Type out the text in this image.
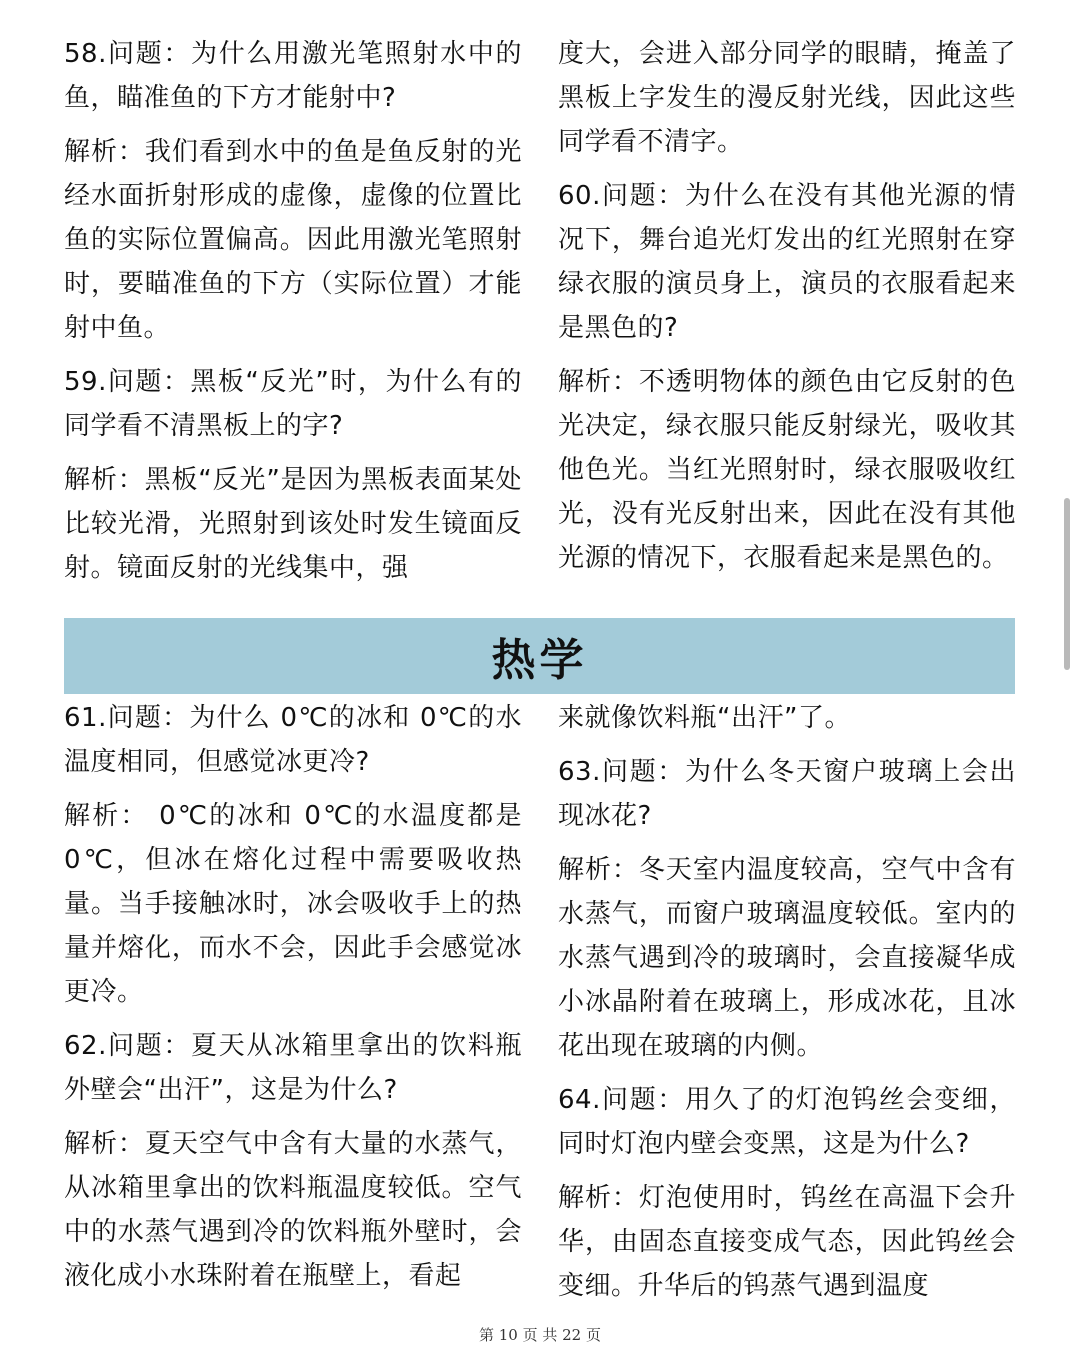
58.问题：为什么用激光笔照射水中的鱼，瞄准鱼的下方才能射中?

解析：我们看到水中的鱼是鱼反射的光经水面折射形成的虚像，虚像的位置比鱼的实际位置偏高。因此用激光笔照射时，要瞄准鱼的下方（实际位置）才能射中鱼。

59.问题：黑板“反光”时，为什么有的同学看不清黑板上的字?

解析：黑板“反光”是因为黑板表面某处比较光滑，光照射到该处时发生镜面反射。镜面反射的光线集中，强

度大，会进入部分同学的眼睛，掩盖了黑板上字发生的漫反射光线，因此这些同学看不清字。

60.问题：为什么在没有其他光源的情况下，舞台追光灯发出的红光照射在穿绿衣服的演员身上，演员的衣服看起来是黑色的?

解析：不透明物体的颜色由它反射的色光决定，绿衣服只能反射绿光，吸收其他色光。当红光照射时，绿衣服吸收红光，没有光反射出来，因此在没有其他光源的情况下，衣服看起来是黑色的。

热学

61.问题：为什么 0℃的冰和 0℃的水温度相同，但感觉冰更冷?

解析： 0℃的冰和 0℃的水温度都是0℃，但冰在熔化过程中需要吸收热量。当手接触冰时，冰会吸收手上的热量并熔化，而水不会，因此手会感觉冰更冷。

62.问题：夏天从冰箱里拿出的饮料瓶外壁会“出汗”，这是为什么?

解析：夏天空气中含有大量的水蒸气，从冰箱里拿出的饮料瓶温度较低。空气中的水蒸气遇到冷的饮料瓶外壁时，会液化成小水珠附着在瓶壁上，看起

来就像饮料瓶“出汗”了。

63.问题：为什么冬天窗户玻璃上会出现冰花?

解析：冬天室内温度较高，空气中含有水蒸气，而窗户玻璃温度较低。室内的水蒸气遇到冷的玻璃时，会直接凝华成小冰晶附着在玻璃上，形成冰花，且冰花出现在玻璃的内侧。

64.问题：用久了的灯泡钨丝会变细，同时灯泡内壁会变黑，这是为什么?

解析：灯泡使用时，钨丝在高温下会升华，由固态直接变成气态，因此钨丝会变细。升华后的钨蒸气遇到温度

第 10 页 共 22 页
